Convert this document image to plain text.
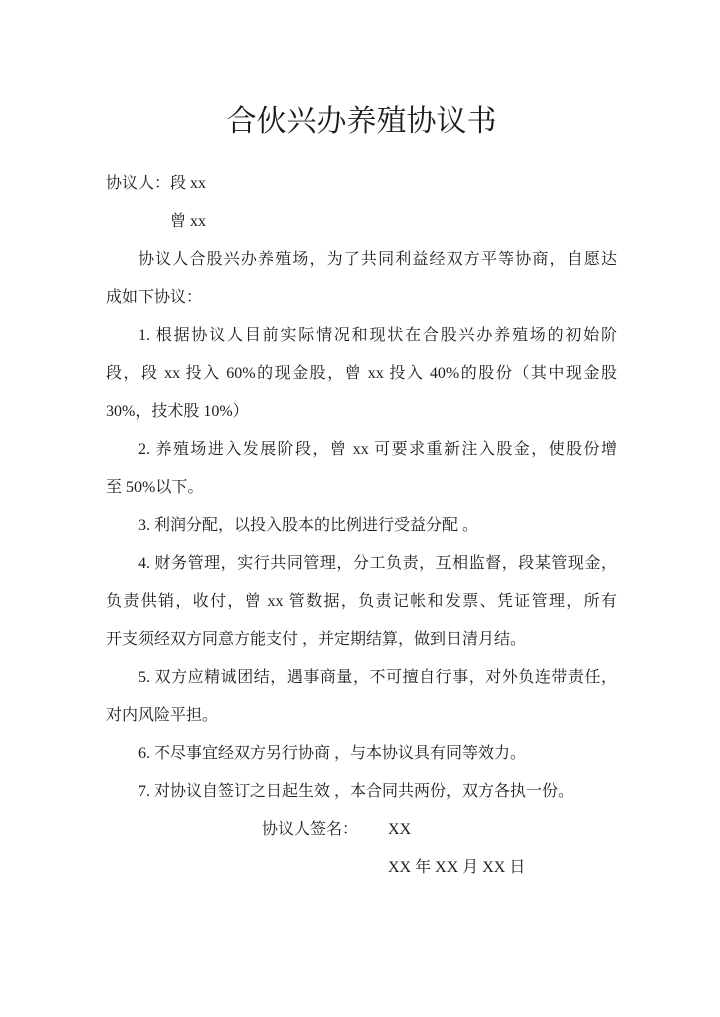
合伙兴办养殖协议书
协议人：段 xx
曾 xx
协议人合股兴办养殖场，为了共同利益经双方平等协商，自愿达
成如下协议：
1. 根据协议人目前实际情况和现状在合股兴办养殖场的初始阶
段，段 xx 投入 60%的现金股，曾 xx 投入 40%的股份（其中现金股
30%，技术股 10%）
2. 养殖场进入发展阶段，曾 xx 可要求重新注入股金，使股份增
至 50%以下。
3. 利润分配，以投入股本的比例进行受益分配 。
4. 财务管理，实行共同管理，分工负责，互相监督，段某管现金，
负责供销，收付，曾 xx 管数据，负责记帐和发票、凭证管理，所有
开支须经双方同意方能支付 ，并定期结算，做到日清月结。
5. 双方应精诚团结，遇事商量，不可擅自行事，对外负连带责任，
对内风险平担。
6. 不尽事宜经双方另行协商 ，与本协议具有同等效力。
7. 对协议自签订之日起生效 ，本合同共两份，双方各执一份。
协议人签名： XX
XX 年 XX 月 XX 日
